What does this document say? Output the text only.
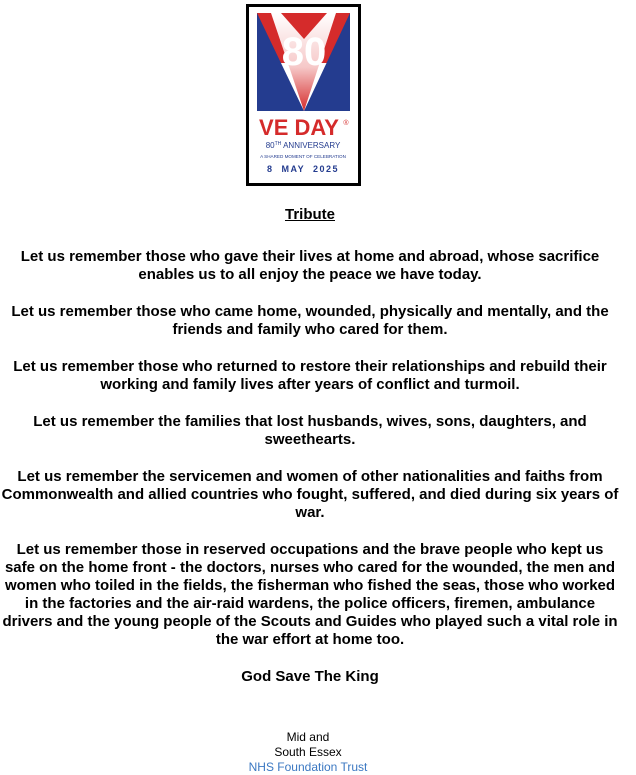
80
VE DAY ®
80TH ANNIVERSARY
A SHARED MOMENT OF CELEBRATION
8  MAY  2025
Tribute

Let us remember those who gave their lives at home and abroad, whose sacrifice enables us to all enjoy the peace we have today.

Let us remember those who came home, wounded, physically and mentally, and the friends and family who cared for them.

Let us remember those who returned to restore their relationships and rebuild their working and family lives after years of conflict and turmoil.

Let us remember the families that lost husbands, wives, sons, daughters, and sweethearts.

Let us remember the servicemen and women of other nationalities and faiths from Commonwealth and allied countries who fought, suffered, and died during six years of war.

Let us remember those in reserved occupations and the brave people who kept us safe on the home front - the doctors, nurses who cared for the wounded, the men and women who toiled in the fields, the fisherman who fished the seas, those who worked in the factories and the air-raid wardens, the police officers, firemen, ambulance drivers and the young people of the Scouts and Guides who played such a vital role in the war effort at home too.

God Save The King
Mid and
South Essex
NHS Foundation Trust
